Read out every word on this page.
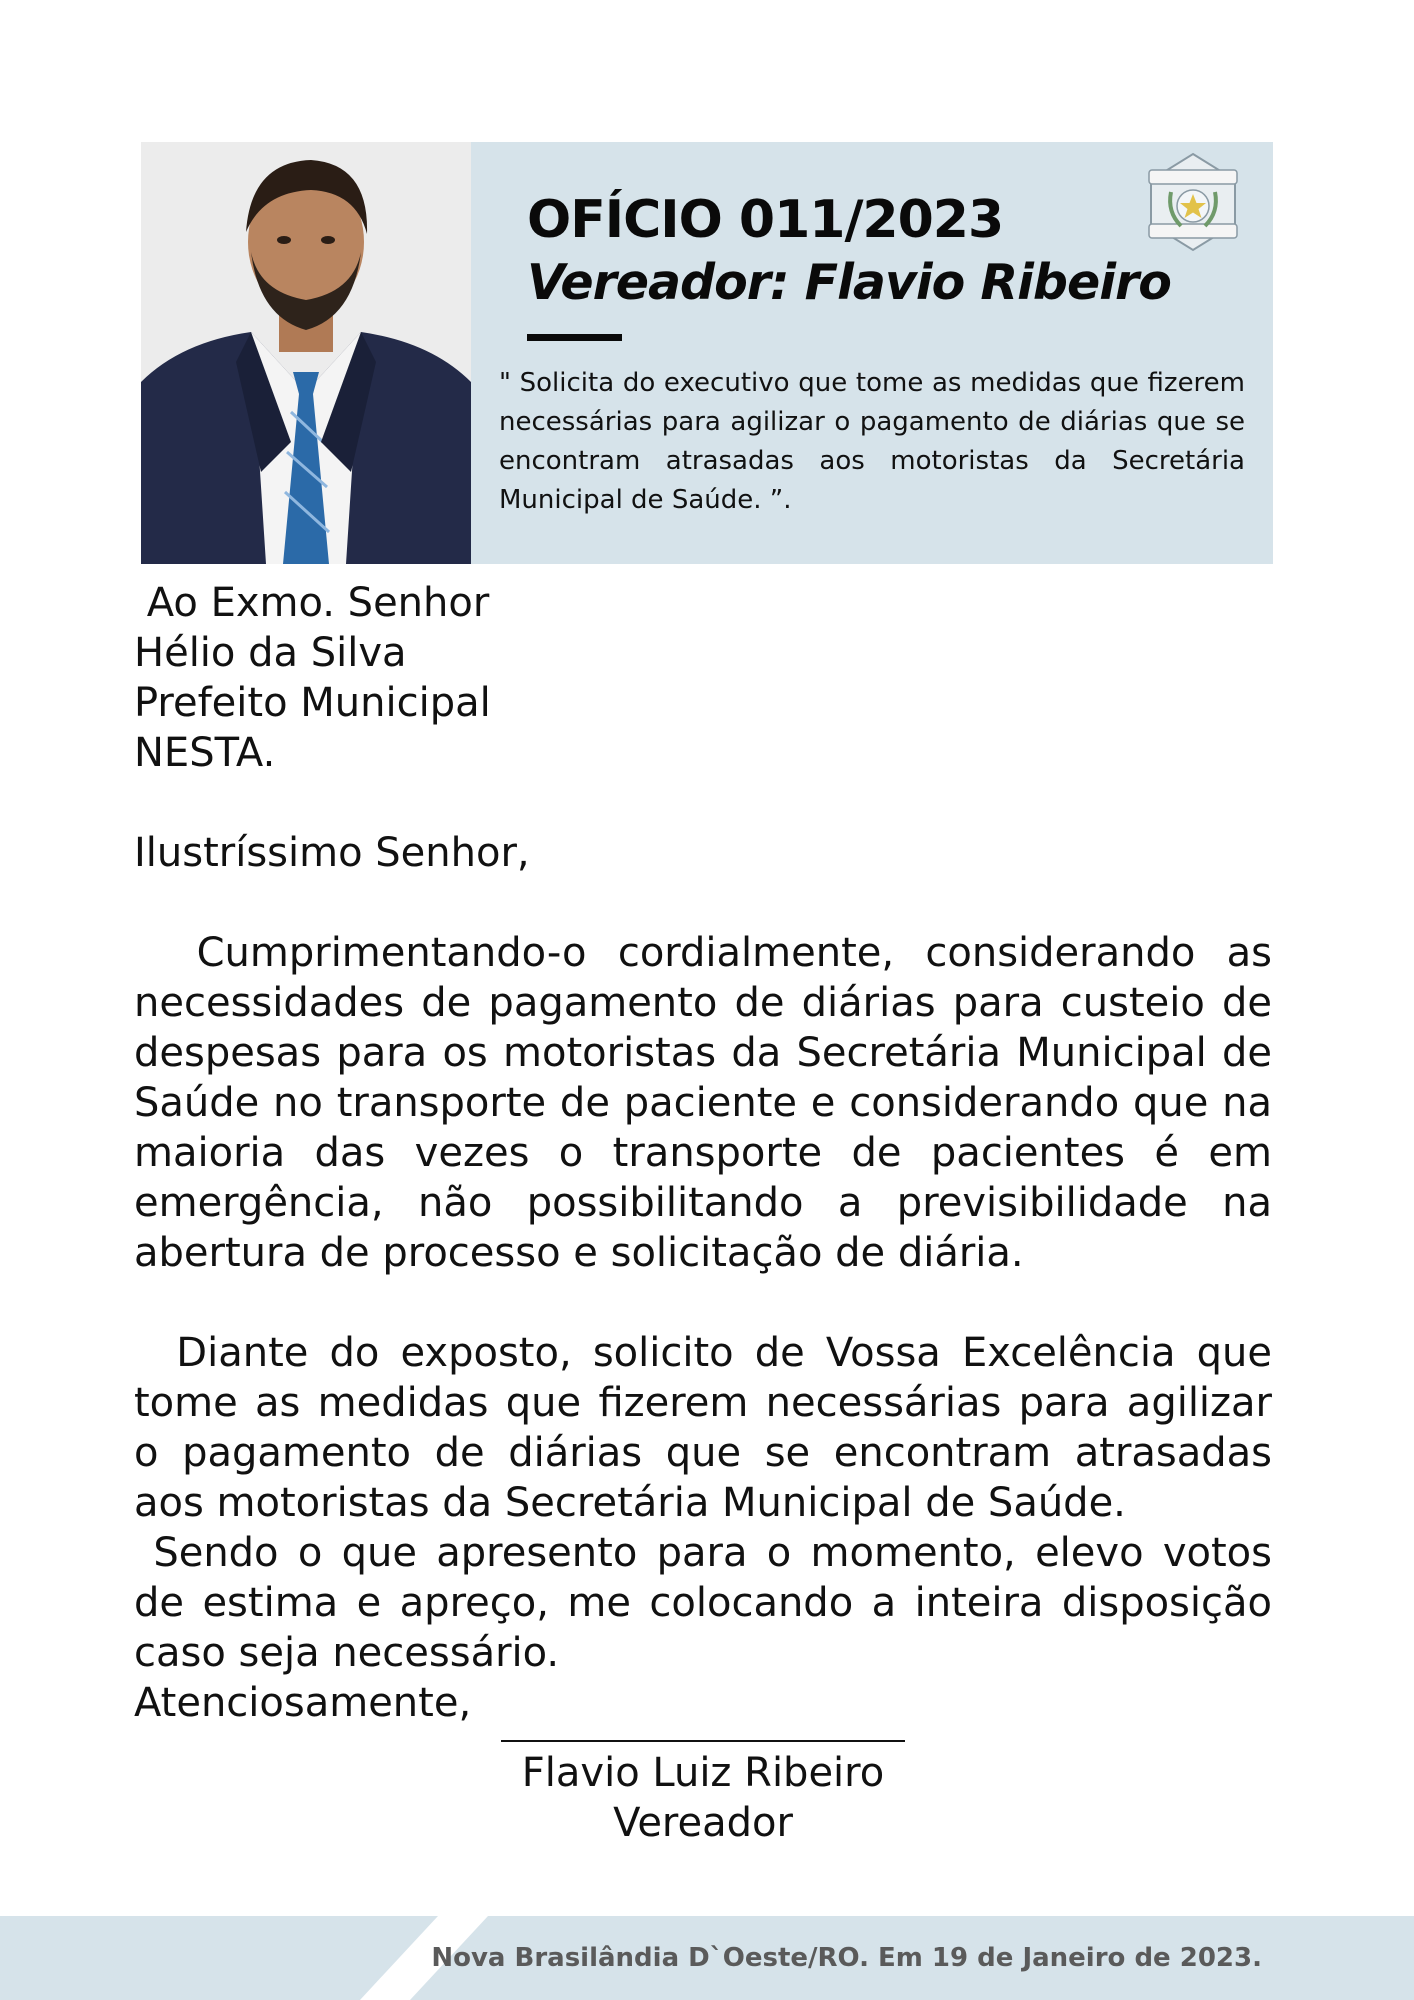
OFÍCIO 011/2023
Vereador: Flavio Ribeiro

" Solicita do executivo que tome as medidas que fizerem necessárias para agilizar o pagamento de diárias que se encontram atrasadas aos motoristas da Secretária Municipal de Saúde. ”.

Ao Exmo. Senhor
Hélio da Silva
Prefeito Municipal
NESTA.
Ilustríssimo Senhor,

Cumprimentando-o cordialmente, considerando as necessidades de pagamento de diárias para custeio de despesas para os motoristas da Secretária Municipal de Saúde no transporte de paciente e considerando que na maioria das vezes o transporte de pacientes é em emergência, não possibilitando a previsibilidade na abertura de processo e solicitação de diária.

Diante do exposto, solicito de Vossa Excelência que tome as medidas que fizerem necessárias para agilizar o pagamento de diárias que se encontram atrasadas aos motoristas da Secretária Municipal de Saúde.

Sendo o que apresento para o momento, elevo votos de estima e apreço, me colocando a inteira disposição caso seja necessário.

Atenciosamente,

Flavio Luiz Ribeiro
Vereador
Nova Brasilândia D`Oeste/RO. Em 19 de Janeiro de 2023.
